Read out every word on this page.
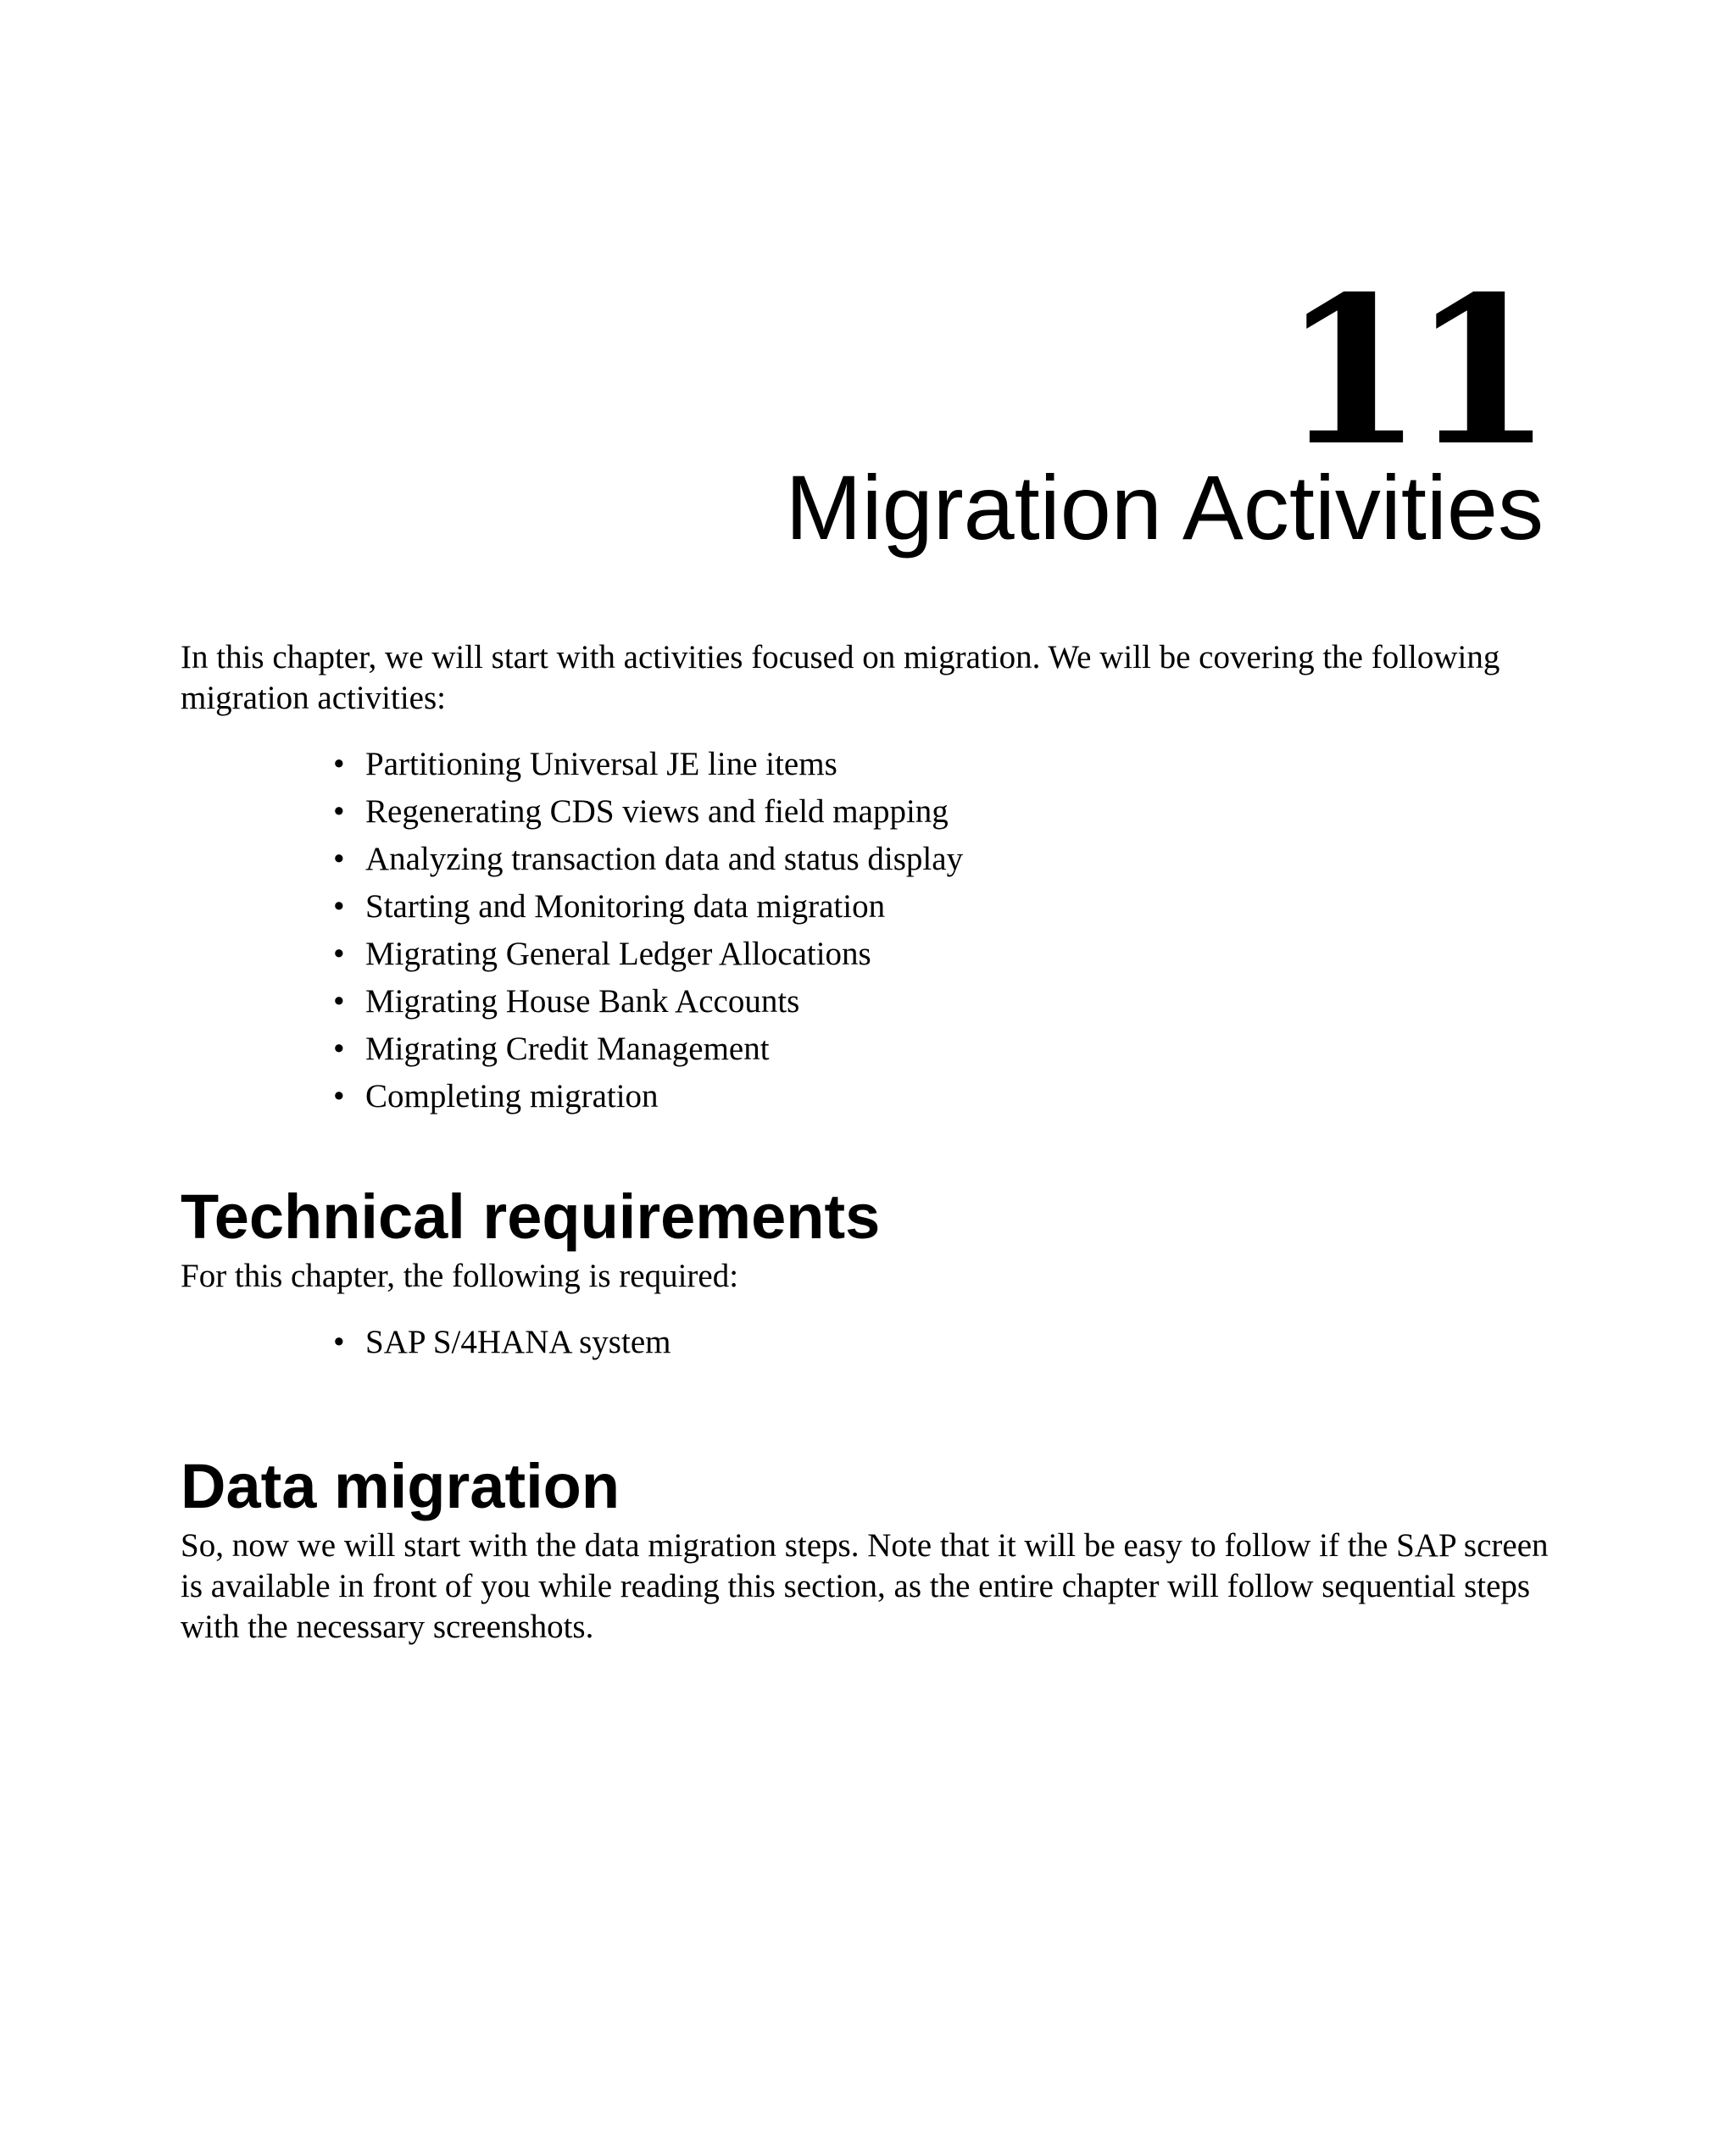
11
Migration Activities

In this chapter, we will start with activities focused on migration. We will be covering the following migration activities:

• Partitioning Universal JE line items
• Regenerating CDS views and field mapping
• Analyzing transaction data and status display
• Starting and Monitoring data migration
• Migrating General Ledger Allocations
• Migrating House Bank Accounts
• Migrating Credit Management
• Completing migration
Technical requirements

For this chapter, the following is required:

• SAP S/4HANA system
Data migration

So, now we will start with the data migration steps. Note that it will be easy to follow if the SAP screen is available in front of you while reading this section, as the entire chapter will follow sequential steps with the necessary screenshots.
